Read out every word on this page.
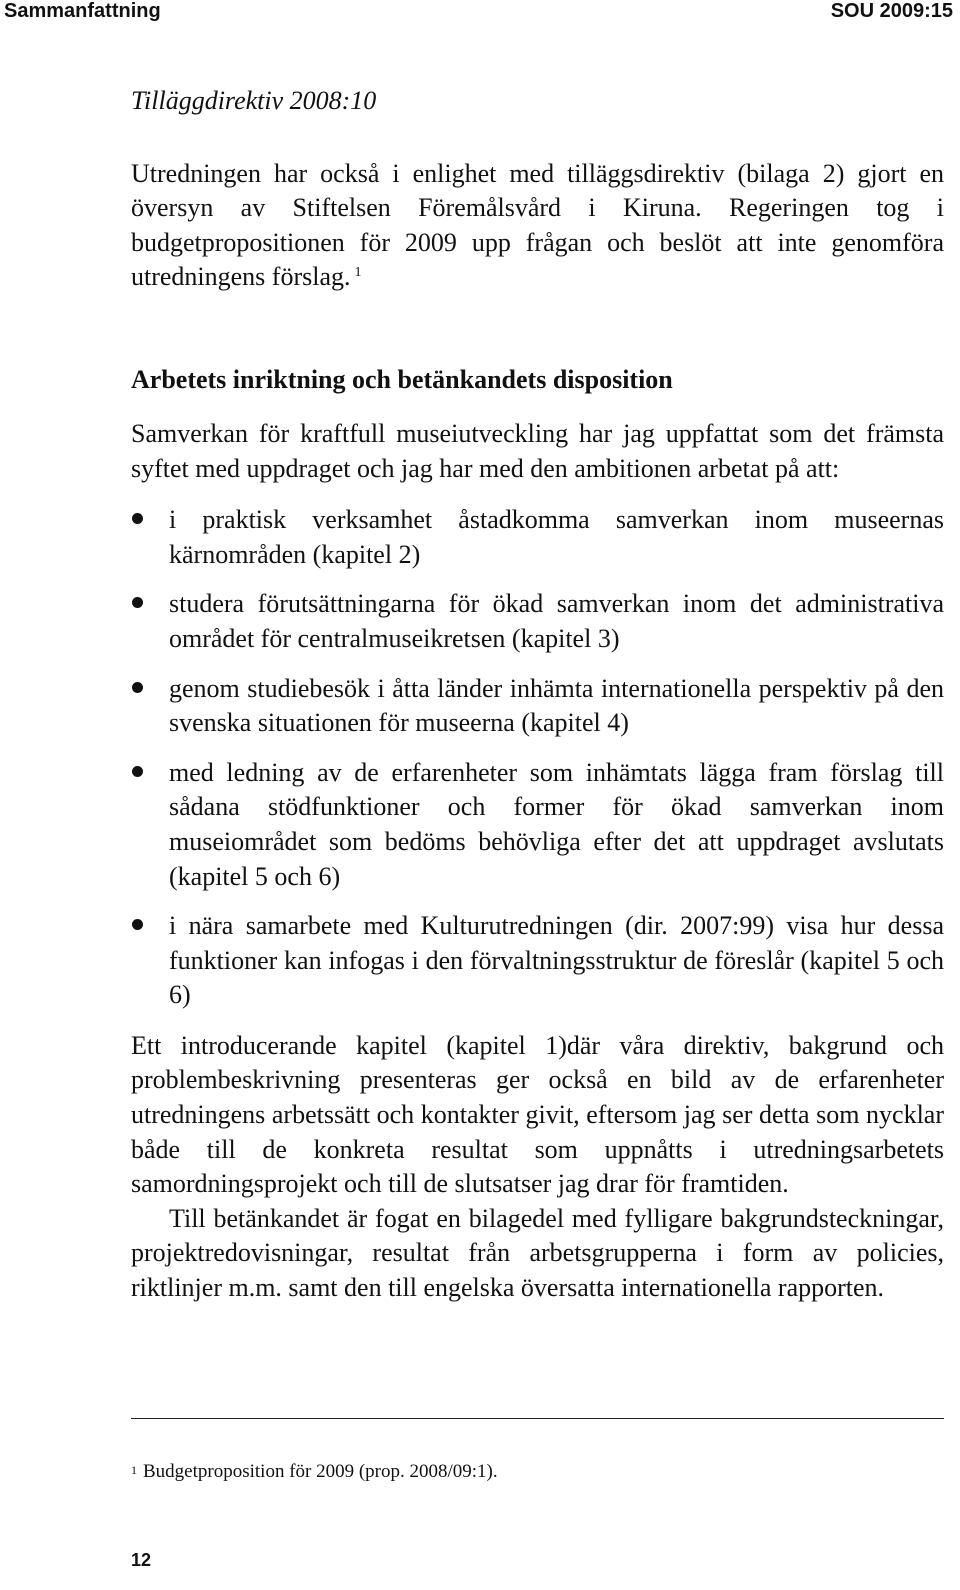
Sammanfattning	SOU 2009:15
Tilläggdirektiv 2008:10

Utredningen har också i enlighet med tilläggsdirektiv (bilaga 2) gjort en översyn av Stiftelsen Föremålsvård i Kiruna. Regeringen tog i budgetpropositionen för 2009 upp frågan och beslöt att inte genomföra utredningens förslag. $^1$

Arbetets inriktning och betänkandets disposition

Samverkan för kraftfull museiutveckling har jag uppfattat som det främsta syftet med uppdraget och jag har med den ambitionen arbetat på att:

i praktisk verksamhet åstadkomma samverkan inom museernas kärnområden (kapitel 2)
studera förutsättningarna för ökad samverkan inom det administrativa området för centralmuseikretsen (kapitel 3)
genom studiebesök i åtta länder inhämta internationella perspektiv på den svenska situationen för museerna (kapitel 4)
med ledning av de erfarenheter som inhämtats lägga fram förslag till sådana stödfunktioner och former för ökad samverkan inom museiområdet som bedöms behövliga efter det att uppdraget avslutats (kapitel 5 och 6)
i nära samarbete med Kulturutredningen (dir. 2007:99) visa hur dessa funktioner kan infogas i den förvaltningsstruktur de föreslår (kapitel 5 och 6)

Ett introducerande kapitel (kapitel 1)där våra direktiv, bakgrund och problembeskrivning presenteras ger också en bild av de erfarenheter utredningens arbetssätt och kontakter givit, eftersom jag ser detta som nycklar både till de konkreta resultat som uppnåtts i utredningsarbetets samordningsprojekt och till de slutsatser jag drar för framtiden.

Till betänkandet är fogat en bilagedel med fylligare bakgrundsteckningar, projektredovisningar, resultat från arbetsgrupperna i form av policies, riktlinjer m.m. samt den till engelska översatta internationella rapporten.

$^1$ Budgetproposition för 2009 (prop. 2008/09:1).
12
